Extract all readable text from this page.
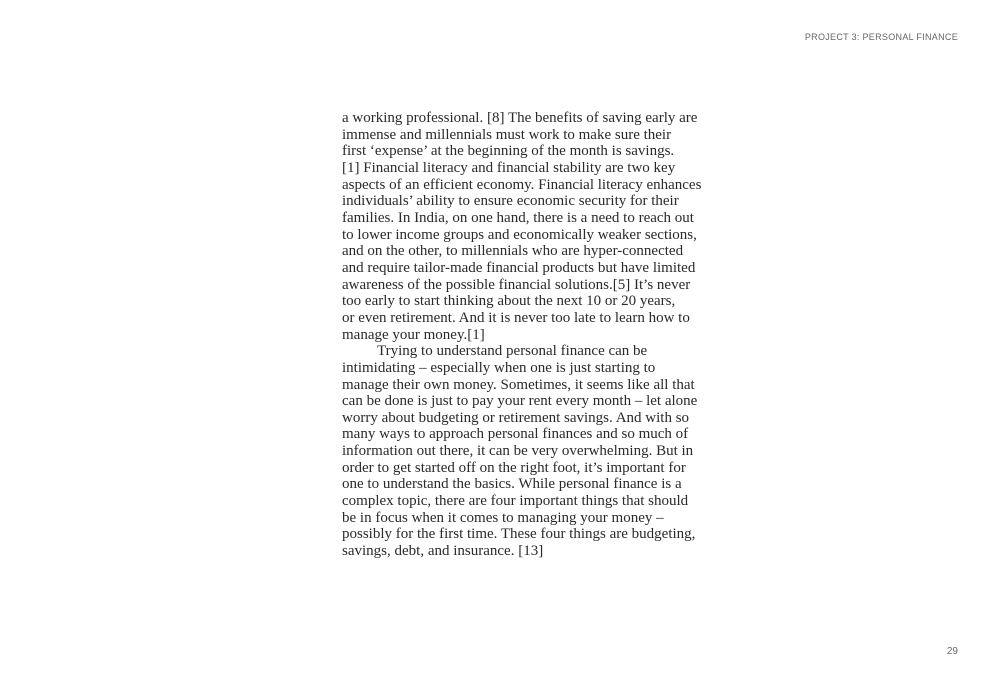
PROJECT 3: PERSONAL FINANCE
a working professional. [8] The benefits of saving early are
immense and millennials must work to make sure their
first ‘expense’ at the beginning of the month is savings.
[1] Financial literacy and financial stability are two key
aspects of an efficient economy. Financial literacy enhances
individuals’ ability to ensure economic security for their
families. In India, on one hand, there is a need to reach out
to lower income groups and economically weaker sections,
and on the other, to millennials who are hyper-connected
and require tailor-made financial products but have limited
awareness of the possible financial solutions.[5] It’s never
too early to start thinking about the next 10 or 20 years,
or even retirement. And it is never too late to learn how to
manage your money.[1]
Trying to understand personal finance can be
intimidating – especially when one is just starting to
manage their own money. Sometimes, it seems like all that
can be done is just to pay your rent every month – let alone
worry about budgeting or retirement savings. And with so
many ways to approach personal finances and so much of
information out there, it can be very overwhelming. But in
order to get started off on the right foot, it’s important for
one to understand the basics. While personal finance is a
complex topic, there are four important things that should
be in focus when it comes to managing your money –
possibly for the first time. These four things are budgeting,
savings, debt, and insurance. [13]
29
